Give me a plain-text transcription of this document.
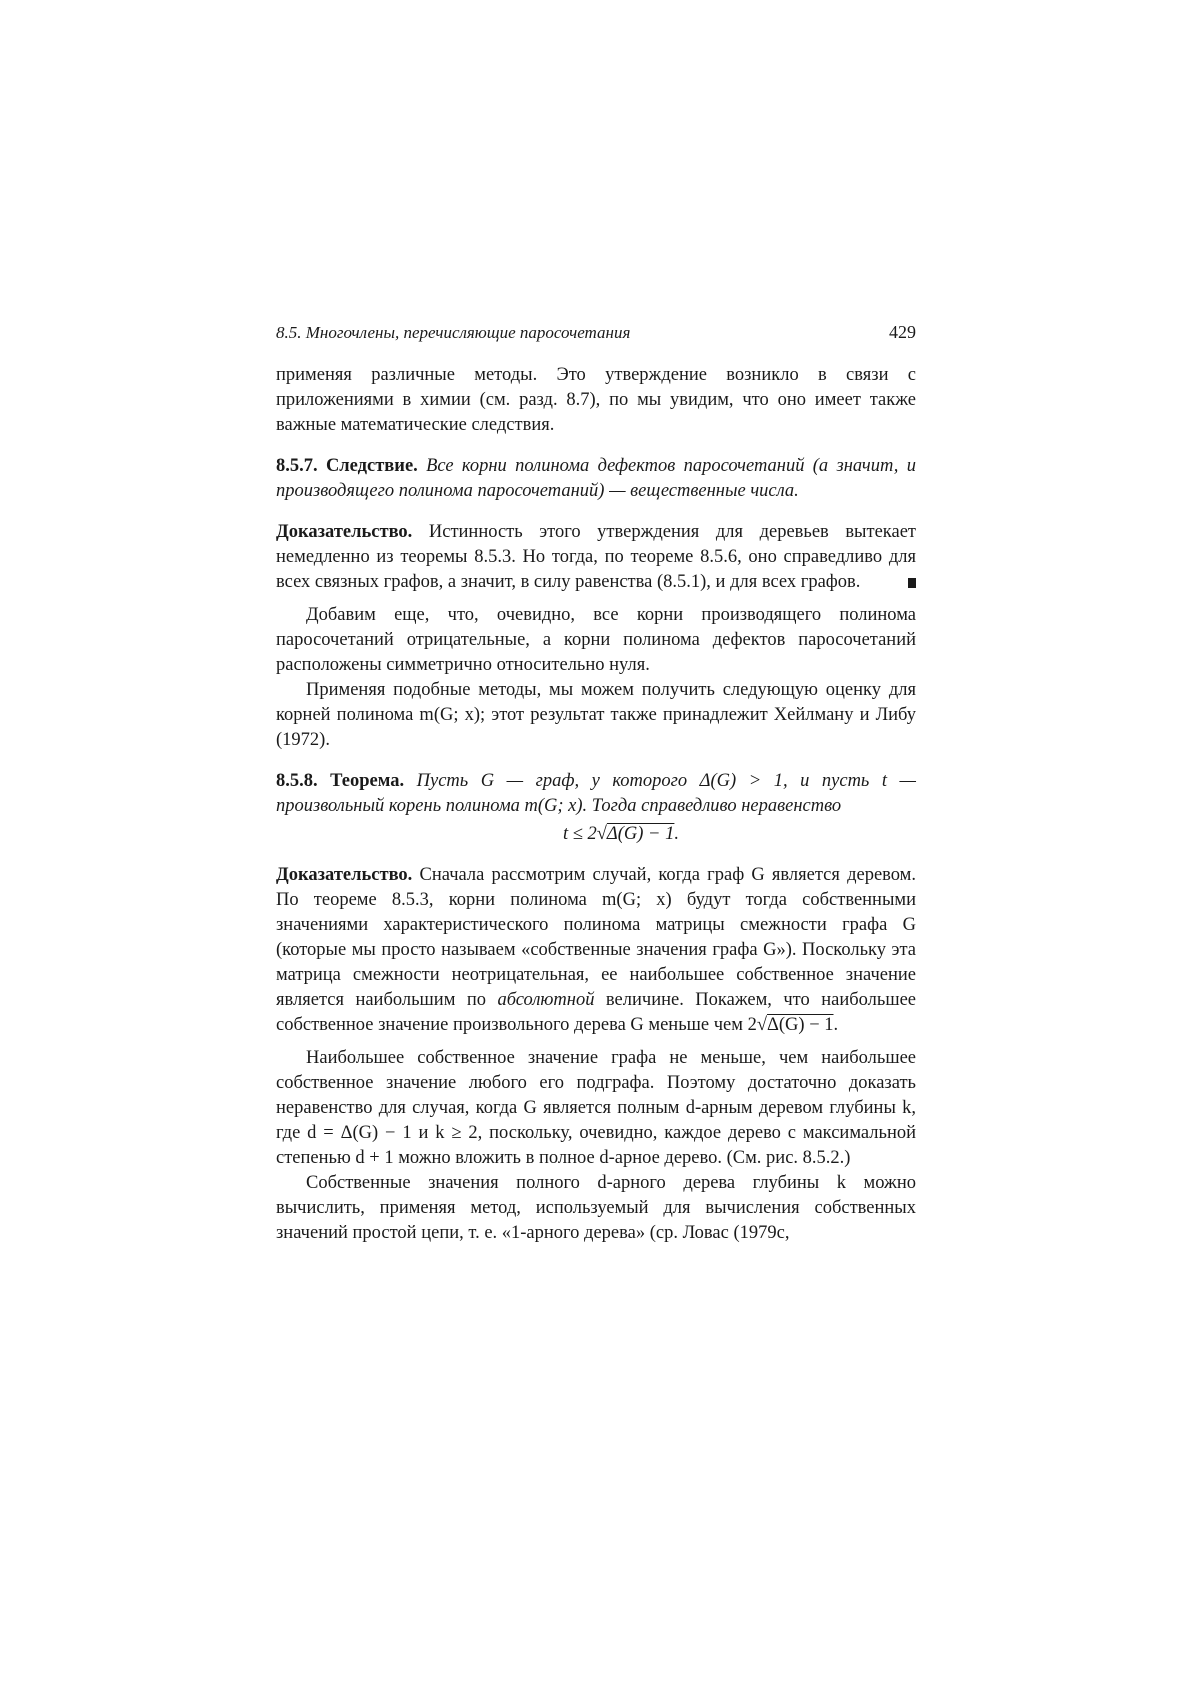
8.5. Многочлены, перечисляющие паросочетания	429

применяя различные методы. Это утверждение возникло в связи с приложениями в химии (см. разд. 8.7), по мы увидим, что оно имеет также важные математические следствия.

8.5.7. Следствие. Все корни полинома дефектов паросочетаний (а значит, и производящего полинома паросочетаний) — вещественные числа.

Доказательство. Истинность этого утверждения для деревьев вытекает немедленно из теоремы 8.5.3. Но тогда, по теореме 8.5.6, оно справедливо для всех связных графов, а значит, в силу равенства (8.5.1), и для всех графов.

Добавим еще, что, очевидно, все корни производящего полинома паросочетаний отрицательные, а корни полинома дефектов паросочетаний расположены симметрично относительно нуля.

Применяя подобные методы, мы можем получить следующую оценку для корней полинома m(G; x); этот результат также принадлежит Хейлману и Либу (1972).

8.5.8. Теорема. Пусть G — граф, у которого Δ(G) > 1, и пусть t — произвольный корень полинома m(G; x). Тогда справедливо неравенство

t ≤ 2√Δ(G) − 1.

Доказательство. Сначала рассмотрим случай, когда граф G является деревом. По теореме 8.5.3, корни полинома m(G; x) будут тогда собственными значениями характеристического полинома матрицы смежности графа G (которые мы просто называем «собственные значения графа G»). Поскольку эта матрица смежности неотрицательная, ее наибольшее собственное значение является наибольшим по абсолютной величине. Покажем, что наибольшее собственное значение произвольного дерева G меньше чем 2√Δ(G) − 1.

Наибольшее собственное значение графа не меньше, чем наибольшее собственное значение любого его подграфа. Поэтому достаточно доказать неравенство для случая, когда G является полным d-арным деревом глубины k, где d = Δ(G) − 1 и k ≥ 2, поскольку, очевидно, каждое дерево с максимальной степенью d + 1 можно вложить в полное d-арное дерево. (См. рис. 8.5.2.)

Собственные значения полного d-арного дерева глубины k можно вычислить, применяя метод, используемый для вычисления собственных значений простой цепи, т. е. «1-арного дерева» (ср. Ловас (1979c,
